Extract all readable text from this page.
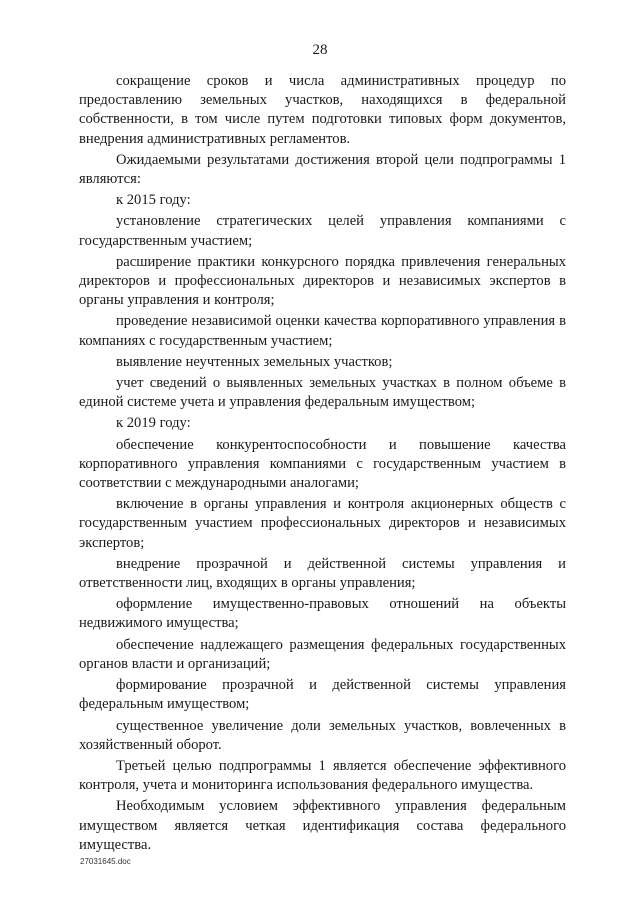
28

сокращение сроков и числа административных процедур по предоставлению земельных участков, находящихся в федеральной собственности, в том числе путем подготовки типовых форм документов, внедрения административных регламентов.

Ожидаемыми результатами достижения второй цели подпрограммы 1 являются:

к 2015 году:

установление стратегических целей управления компаниями с государственным участием;

расширение практики конкурсного порядка привлечения генеральных директоров и профессиональных директоров и независимых экспертов в органы управления и контроля;

проведение независимой оценки качества корпоративного управления в компаниях с государственным участием;

выявление неучтенных земельных участков;

учет сведений о выявленных земельных участках в полном объеме в единой системе учета и управления федеральным имуществом;

к 2019 году:

обеспечение конкурентоспособности и повышение качества корпоративного управления компаниями с государственным участием в соответствии с международными аналогами;

включение в органы управления и контроля акционерных обществ с государственным участием профессиональных директоров и независимых экспертов;

внедрение прозрачной и действенной системы управления и ответственности лиц, входящих в органы управления;

оформление имущественно-правовых отношений на объекты недвижимого имущества;

обеспечение надлежащего размещения федеральных государственных органов власти и организаций;

формирование прозрачной и действенной системы управления федеральным имуществом;

существенное увеличение доли земельных участков, вовлеченных в хозяйственный оборот.

Третьей целью подпрограммы 1 является обеспечение эффективного контроля, учета и мониторинга использования федерального имущества.

Необходимым условием эффективного управления федеральным имуществом является четкая идентификация состава федерального имущества.

27031645.doc
